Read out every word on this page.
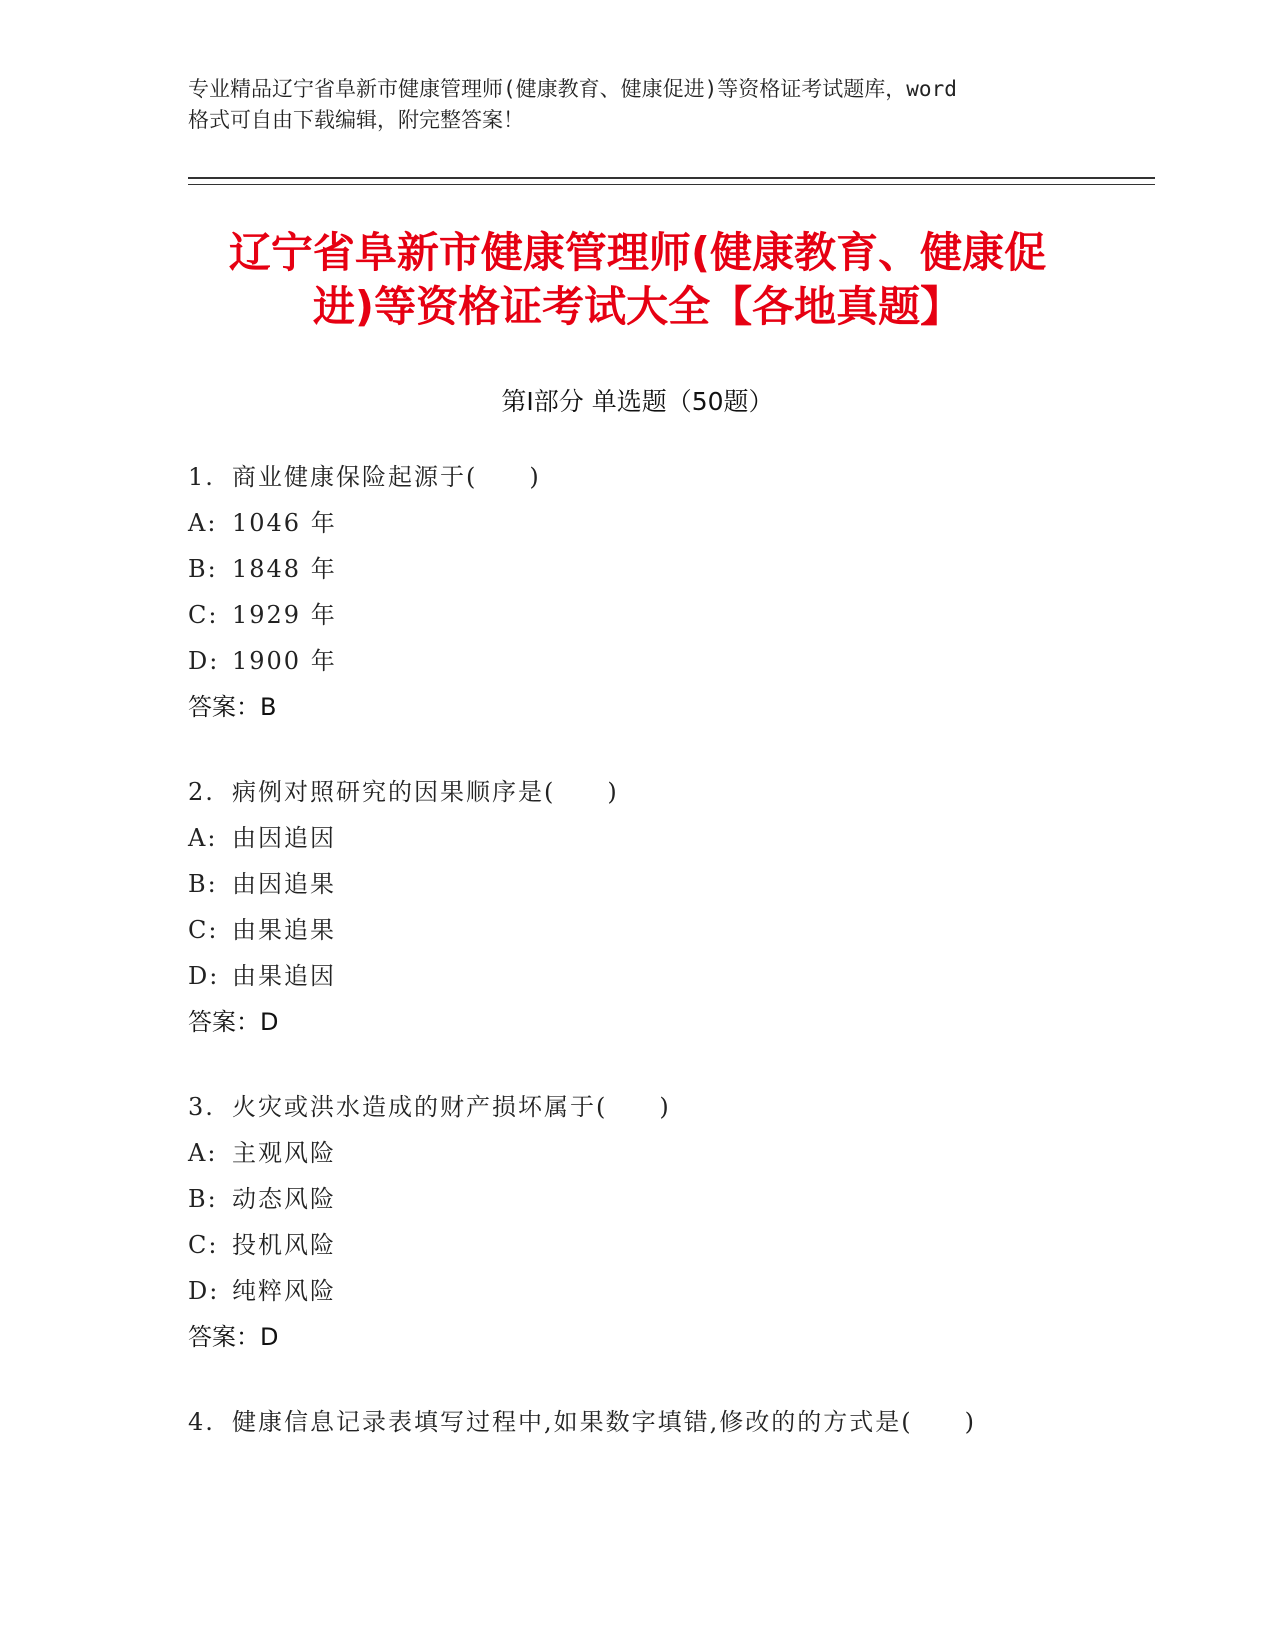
专业精品辽宁省阜新市健康管理师(健康教育、健康促进)等资格证考试题库，word
格式可自由下载编辑，附完整答案！
辽宁省阜新市健康管理师(健康教育、健康促
进)等资格证考试大全【各地真题】
第Ⅰ部分 单选题（50题）
1. 商业健康保险起源于(　　)
A: 1046 年
B: 1848 年
C: 1929 年
D: 1900 年
答案：B
2. 病例对照研究的因果顺序是(　　)
A: 由因追因
B: 由因追果
C: 由果追果
D: 由果追因
答案：D
3. 火灾或洪水造成的财产损坏属于(　　)
A: 主观风险
B: 动态风险
C: 投机风险
D: 纯粹风险
答案：D
4. 健康信息记录表填写过程中,如果数字填错,修改的的方式是(　　)
